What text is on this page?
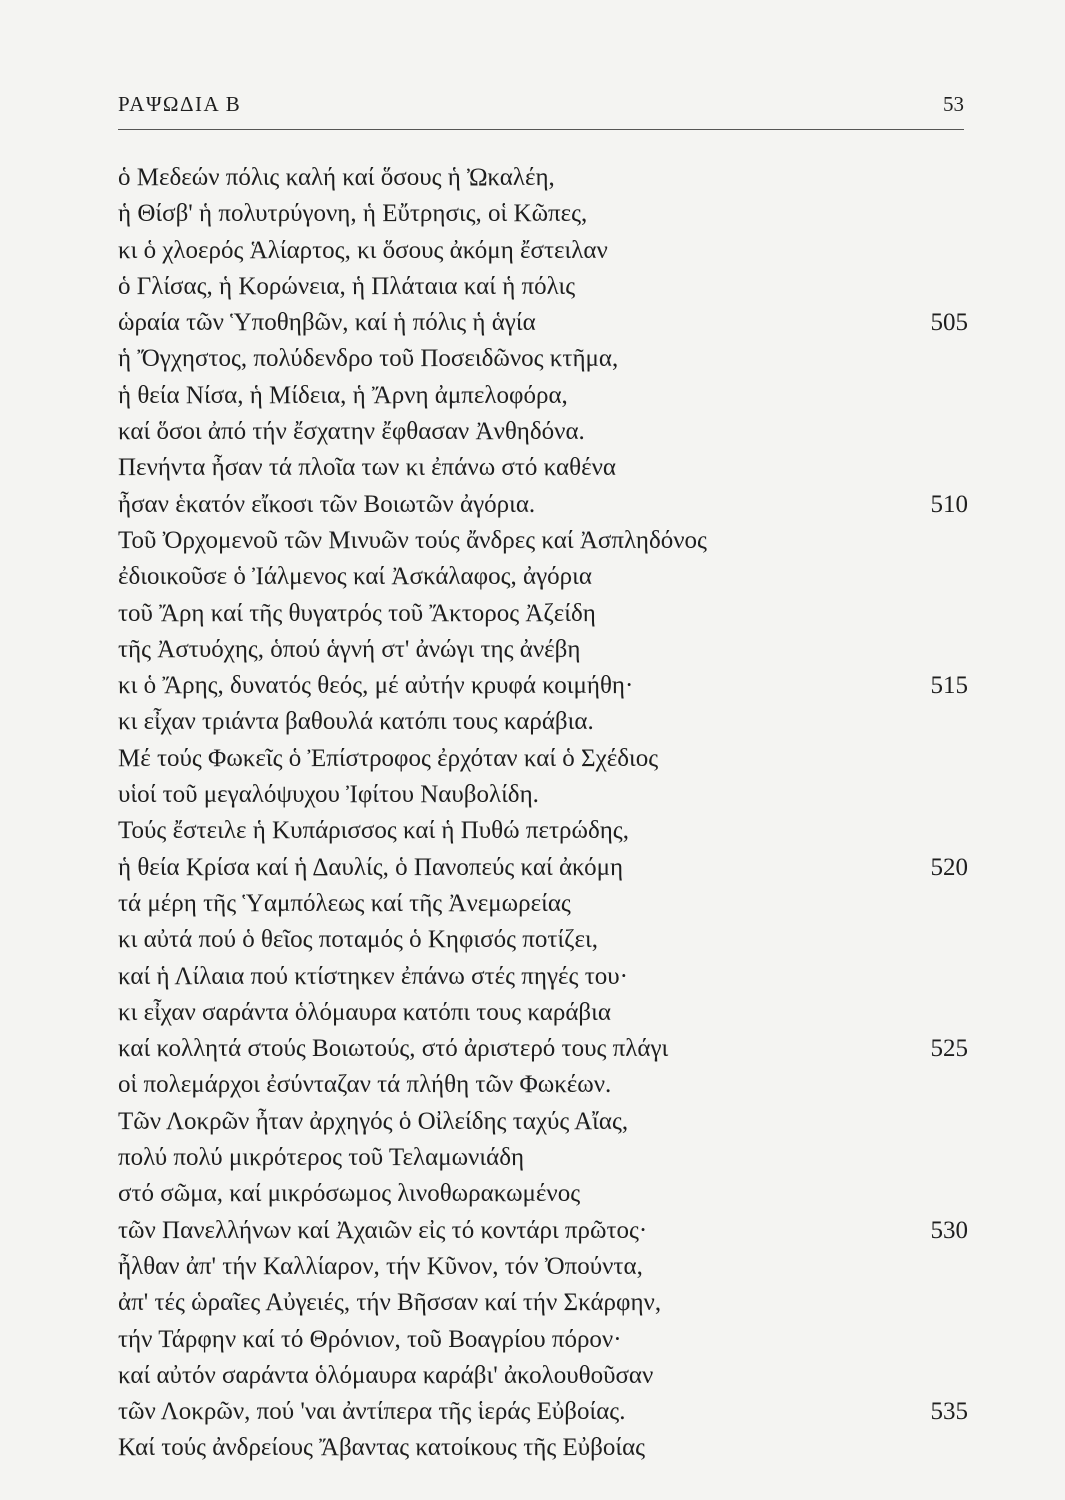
ΡΑΨΩΔΙΑ Β	53
ὁ Μεδεών πόλις καλή καί ὅσους ἡ Ὠκαλέη,
ἡ Θίσβ' ἡ πολυτρύγονη, ἡ Εὔτρησις, οἱ Κῶπες,
κι ὁ χλοερός Ἁλίαρτος, κι ὅσους ἀκόμη ἔστειλαν
ὁ Γλίσας, ἡ Κορώνεια, ἡ Πλάταια καί ἡ πόλις
ὡραία τῶν Ὑποθηβῶν, καί ἡ πόλις ἡ ἁγία	505
ἡ Ὄγχηστος, πολύδενδρο τοῦ Ποσειδῶνος κτῆμα,
ἡ θεία Νίσα, ἡ Μίδεια, ἡ Ἄρνη ἀμπελοφόρα,
καί ὅσοι ἀπό τήν ἔσχατην ἔφθασαν Ἀνθηδόνα.
Πενήντα ἦσαν τά πλοῖα των κι ἐπάνω στό καθένα
ἦσαν ἑκατόν εἴκοσι τῶν Βοιωτῶν ἀγόρια.	510
Τοῦ Ὀρχομενοῦ τῶν Μινυῶν τούς ἄνδρες καί Ἀσπληδόνος
ἐδιοικοῦσε ὁ Ἰάλμενος καί Ἀσκάλαφος, ἀγόρια
τοῦ Ἄρη καί τῆς θυγατρός τοῦ Ἄκτορος Ἀζείδη
τῆς Ἀστυόχης, ὁπού ἁγνή στ' ἀνώγι της ἀνέβη
κι ὁ Ἄρης, δυνατός θεός, μέ αὐτήν κρυφά κοιμήθη·	515
κι εἶχαν τριάντα βαθουλά κατόπι τους καράβια.
Μέ τούς Φωκεῖς ὁ Ἐπίστροφος ἐρχόταν καί ὁ Σχέδιος
υἱοί τοῦ μεγαλόψυχου Ἰφίτου Ναυβολίδη.
Τούς ἔστειλε ἡ Κυπάρισσος καί ἡ Πυθώ πετρώδης,
ἡ θεία Κρίσα καί ἡ Δαυλίς, ὁ Πανοπεύς καί ἀκόμη	520
τά μέρη τῆς Ὑαμπόλεως καί τῆς Ἀνεμωρείας
κι αὐτά πού ὁ θεῖος ποταμός ὁ Κηφισός ποτίζει,
καί ἡ Λίλαια πού κτίστηκεν ἐπάνω στές πηγές του·
κι εἶχαν σαράντα ὁλόμαυρα κατόπι τους καράβια
καί κολλητά στούς Βοιωτούς, στό ἀριστερό τους πλάγι	525
οἱ πολεμάρχοι ἐσύνταζαν τά πλήθη τῶν Φωκέων.
Τῶν Λοκρῶν ἦταν ἀρχηγός ὁ Οἰλείδης ταχύς Αἴας,
πολύ πολύ μικρότερος τοῦ Τελαμωνιάδη
στό σῶμα, καί μικρόσωμος λινοθωρακωμένος
τῶν Πανελλήνων καί Ἀχαιῶν εἰς τό κοντάρι πρῶτος·	530
ἦλθαν ἀπ' τήν Καλλίαρον, τήν Κῦνον, τόν Ὀπούντα,
ἀπ' τές ὡραῖες Αὐγειές, τήν Βῆσσαν καί τήν Σκάρφην,
τήν Τάρφην καί τό Θρόνιον, τοῦ Βοαγρίου πόρον·
καί αὐτόν σαράντα ὁλόμαυρα καράβι' ἀκολουθοῦσαν
τῶν Λοκρῶν, πού 'ναι ἀντίπερα τῆς ἱεράς Εὐβοίας.	535
Καί τούς ἀνδρείους Ἄβαντας κατοίκους τῆς Εὐβοίας
